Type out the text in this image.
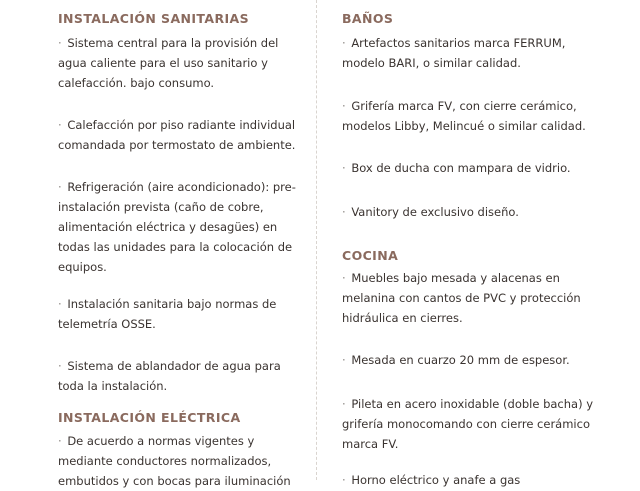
INSTALACIÓN SANITARIAS
· Sistema central para la provisión del agua caliente para el uso sanitario y calefacción. bajo consumo.
· Calefacción por piso radiante individual comandada por termostato de ambiente.
· Refrigeración (aire acondicionado): pre-instalación prevista (caño de cobre, alimentación eléctrica y desagües) en todas las unidades para la colocación de equipos.
· Instalación sanitaria bajo normas de telemetría OSSE.
· Sistema de ablandador de agua para toda la instalación.
INSTALACIÓN ELÉCTRICA
· De acuerdo a normas vigentes y mediante conductores normalizados, embutidos y con bocas para iluminación
BAÑOS
· Artefactos sanitarios marca FERRUM, modelo BARI, o similar calidad.
· Grifería marca FV, con cierre cerámico, modelos Libby, Melincué o similar calidad.
· Box de ducha con mampara de vidrio.
· Vanitory de exclusivo diseño.
COCINA
· Muebles bajo mesada y alacenas en melanina con cantos de PVC y protección hidráulica en cierres.
· Mesada en cuarzo 20 mm de espesor.
· Pileta en acero inoxidable (doble bacha) y grifería monocomando con cierre cerámico marca FV.
· Horno eléctrico y anafe a gas
